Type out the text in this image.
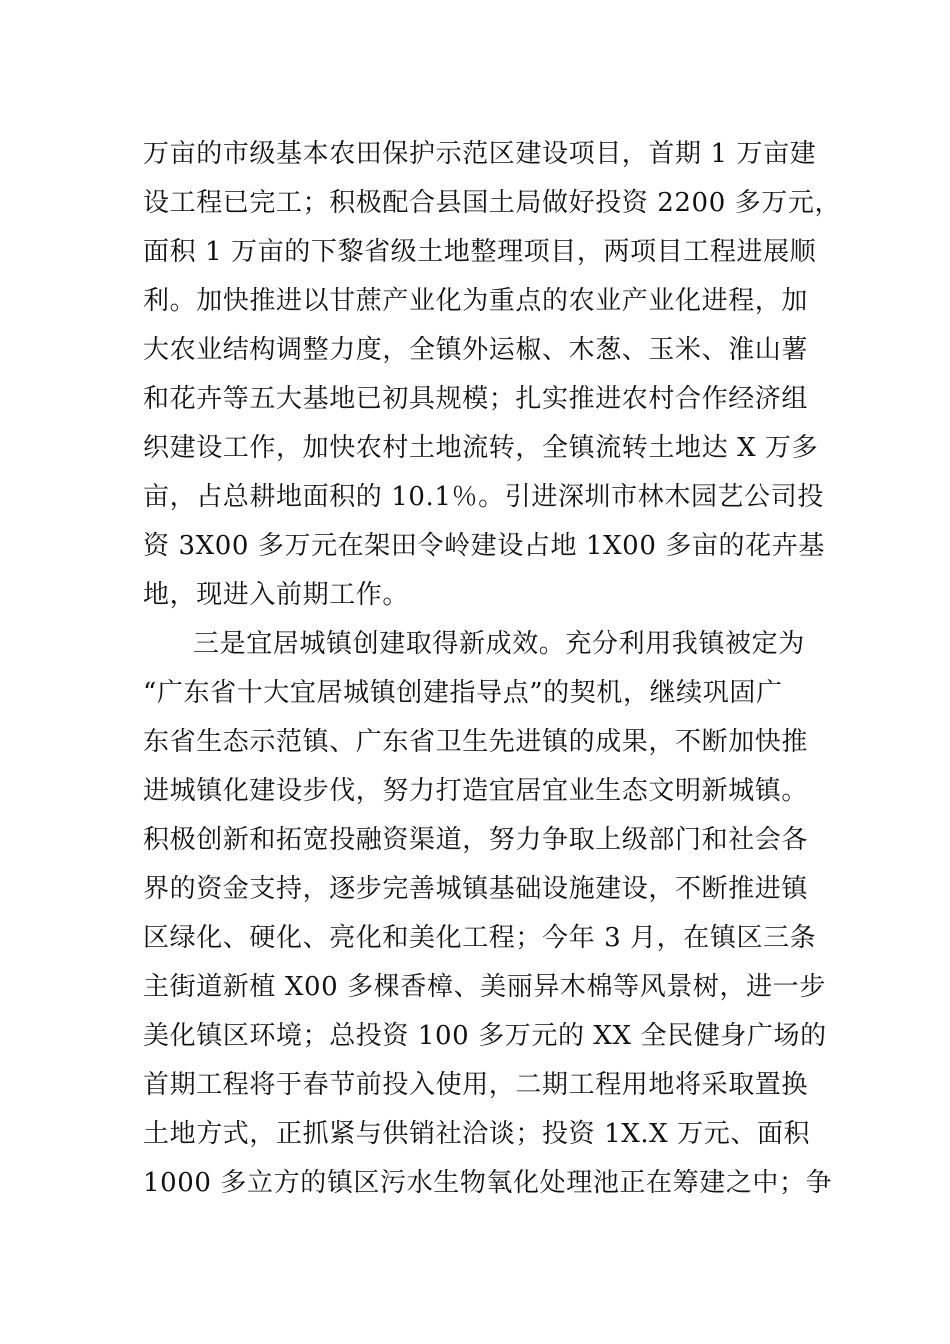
万亩的市级基本农田保护示范区建设项目，首期 1 万亩建
设工程已完工；积极配合县国土局做好投资 2200 多万元，
面积 1 万亩的下黎省级土地整理项目，两项目工程进展顺
利。加快推进以甘蔗产业化为重点的农业产业化进程，加
大农业结构调整力度，全镇外运椒、木葱、玉米、淮山薯
和花卉等五大基地已初具规模；扎实推进农村合作经济组
织建设工作，加快农村土地流转，全镇流转土地达 X 万多
亩，占总耕地面积的 10.1％。引进深圳市林木园艺公司投
资 3X00 多万元在架田令岭建设占地 1X00 多亩的花卉基
地，现进入前期工作。
三是宜居城镇创建取得新成效。充分利用我镇被定为
“广东省十大宜居城镇创建指导点”的契机，继续巩固广
东省生态示范镇、广东省卫生先进镇的成果，不断加快推
进城镇化建设步伐，努力打造宜居宜业生态文明新城镇。
积极创新和拓宽投融资渠道，努力争取上级部门和社会各
界的资金支持，逐步完善城镇基础设施建设，不断推进镇
区绿化、硬化、亮化和美化工程；今年 3 月，在镇区三条
主街道新植 X00 多棵香樟、美丽异木棉等风景树，进一步
美化镇区环境；总投资 100 多万元的 XX 全民健身广场的
首期工程将于春节前投入使用，二期工程用地将采取置换
土地方式，正抓紧与供销社洽谈；投资 1X.X 万元、面积
1000 多立方的镇区污水生物氧化处理池正在筹建之中；争
